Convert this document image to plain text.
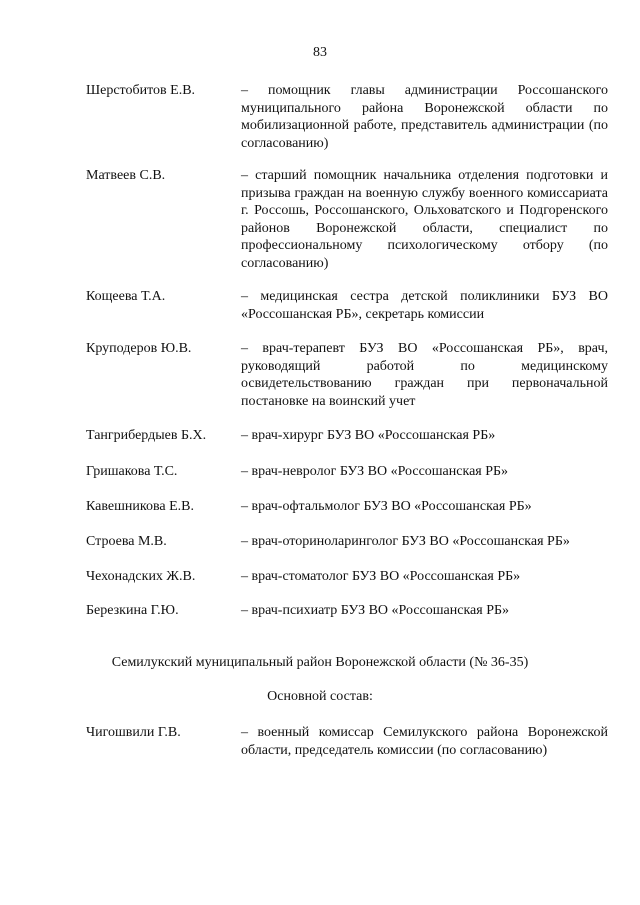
83
Шерстобитов Е.В.	– помощник главы администрации Россошанского муниципального района Воронежской области по мобилизационной работе, представитель администрации (по согласованию)
Матвеев С.В.	– старший помощник начальника отделения подготовки и призыва граждан на военную службу военного комиссариата г. Россошь, Россошанского, Ольховатского и Подгоренского районов Воронежской области, специалист по профессиональному психологическому отбору (по согласованию)
Кощеева Т.А.	– медицинская сестра детской поликлиники БУЗ ВО «Россошанская РБ», секретарь комиссии
Круподеров Ю.В.	– врач-терапевт БУЗ ВО «Россошанская РБ», врач, руководящий работой по медицинскому освидетельствованию граждан при первоначальной постановке на воинский учет
Тангрибердыев Б.Х.	– врач-хирург БУЗ ВО «Россошанская РБ»
Гришакова Т.С.	– врач-невролог БУЗ ВО «Россошанская РБ»
Кавешникова Е.В.	– врач-офтальмолог БУЗ ВО «Россошанская РБ»
Строева М.В.	– врач-оториноларинголог БУЗ ВО «Россошанская РБ»
Чехонадских Ж.В.	– врач-стоматолог БУЗ ВО «Россошанская РБ»
Березкина Г.Ю.	– врач-психиатр БУЗ ВО «Россошанская РБ»
Семилукский муниципальный район Воронежской области (№ 36-35)
Основной состав:
Чигошвили Г.В.	– военный комиссар Семилукского района Воронежской области, председатель комиссии (по согласованию)
